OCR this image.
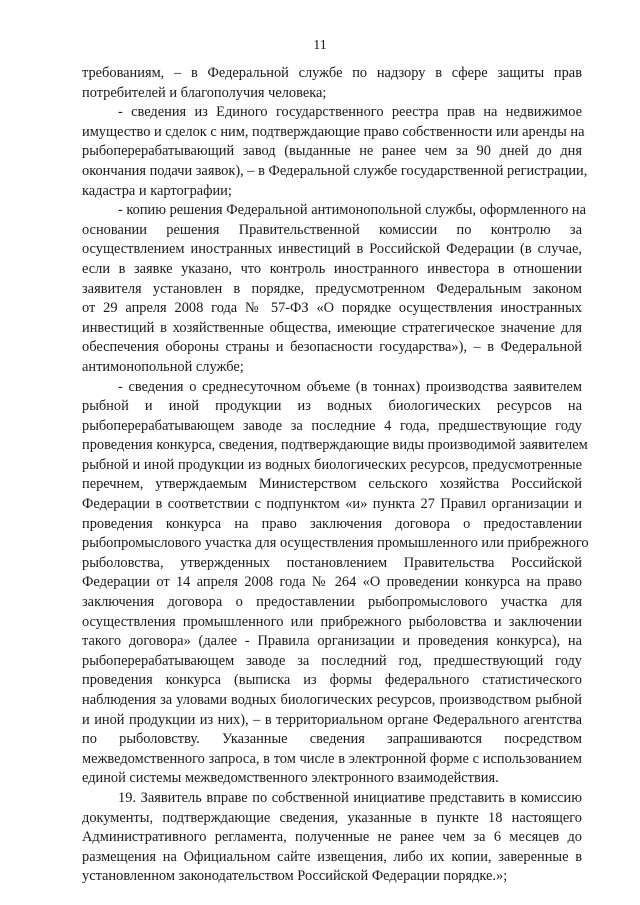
11
требованиям, – в Федеральной службе по надзору в сфере защиты прав
потребителей и благополучия человека;
- сведения из Единого государственного реестра прав на недвижимое
имущество и сделок с ним, подтверждающие право собственности или аренды на
рыбоперерабатывающий завод (выданные не ранее чем за 90 дней до дня
окончания подачи заявок), – в Федеральной службе государственной регистрации,
кадастра и картографии;
- копию решения Федеральной антимонопольной службы, оформленного на
основании решения Правительственной комиссии по контролю за
осуществлением иностранных инвестиций в Российской Федерации (в случае,
если в заявке указано, что контроль иностранного инвестора в отношении
заявителя установлен в порядке, предусмотренном Федеральным законом
от 29 апреля 2008 года № 57-ФЗ «О порядке осуществления иностранных
инвестиций в хозяйственные общества, имеющие стратегическое значение для
обеспечения обороны страны и безопасности государства»), – в Федеральной
антимонопольной службе;
- сведения о среднесуточном объеме (в тоннах) производства заявителем
рыбной и иной продукции из водных биологических ресурсов на
рыбоперерабатывающем заводе за последние 4 года, предшествующие году
проведения конкурса, сведения, подтверждающие виды производимой заявителем
рыбной и иной продукции из водных биологических ресурсов, предусмотренные
перечнем, утверждаемым Министерством сельского хозяйства Российской
Федерации в соответствии с подпунктом «и» пункта 27 Правил организации и
проведения конкурса на право заключения договора о предоставлении
рыбопромыслового участка для осуществления промышленного или прибрежного
рыболовства, утвержденных постановлением Правительства Российской
Федерации от 14 апреля 2008 года № 264 «О проведении конкурса на право
заключения договора о предоставлении рыбопромыслового участка для
осуществления промышленного или прибрежного рыболовства и заключении
такого договора» (далее - Правила организации и проведения конкурса), на
рыбоперерабатывающем заводе за последний год, предшествующий году
проведения конкурса (выписка из формы федерального статистического
наблюдения за уловами водных биологических ресурсов, производством рыбной
и иной продукции из них), – в территориальном органе Федерального агентства
по рыболовству. Указанные сведения запрашиваются посредством
межведомственного запроса, в том числе в электронной форме с использованием
единой системы межведомственного электронного взаимодействия.
19. Заявитель вправе по собственной инициативе представить в комиссию
документы, подтверждающие сведения, указанные в пункте 18 настоящего
Административного регламента, полученные не ранее чем за 6 месяцев до
размещения на Официальном сайте извещения, либо их копии, заверенные в
установленном законодательством Российской Федерации порядке.»;
